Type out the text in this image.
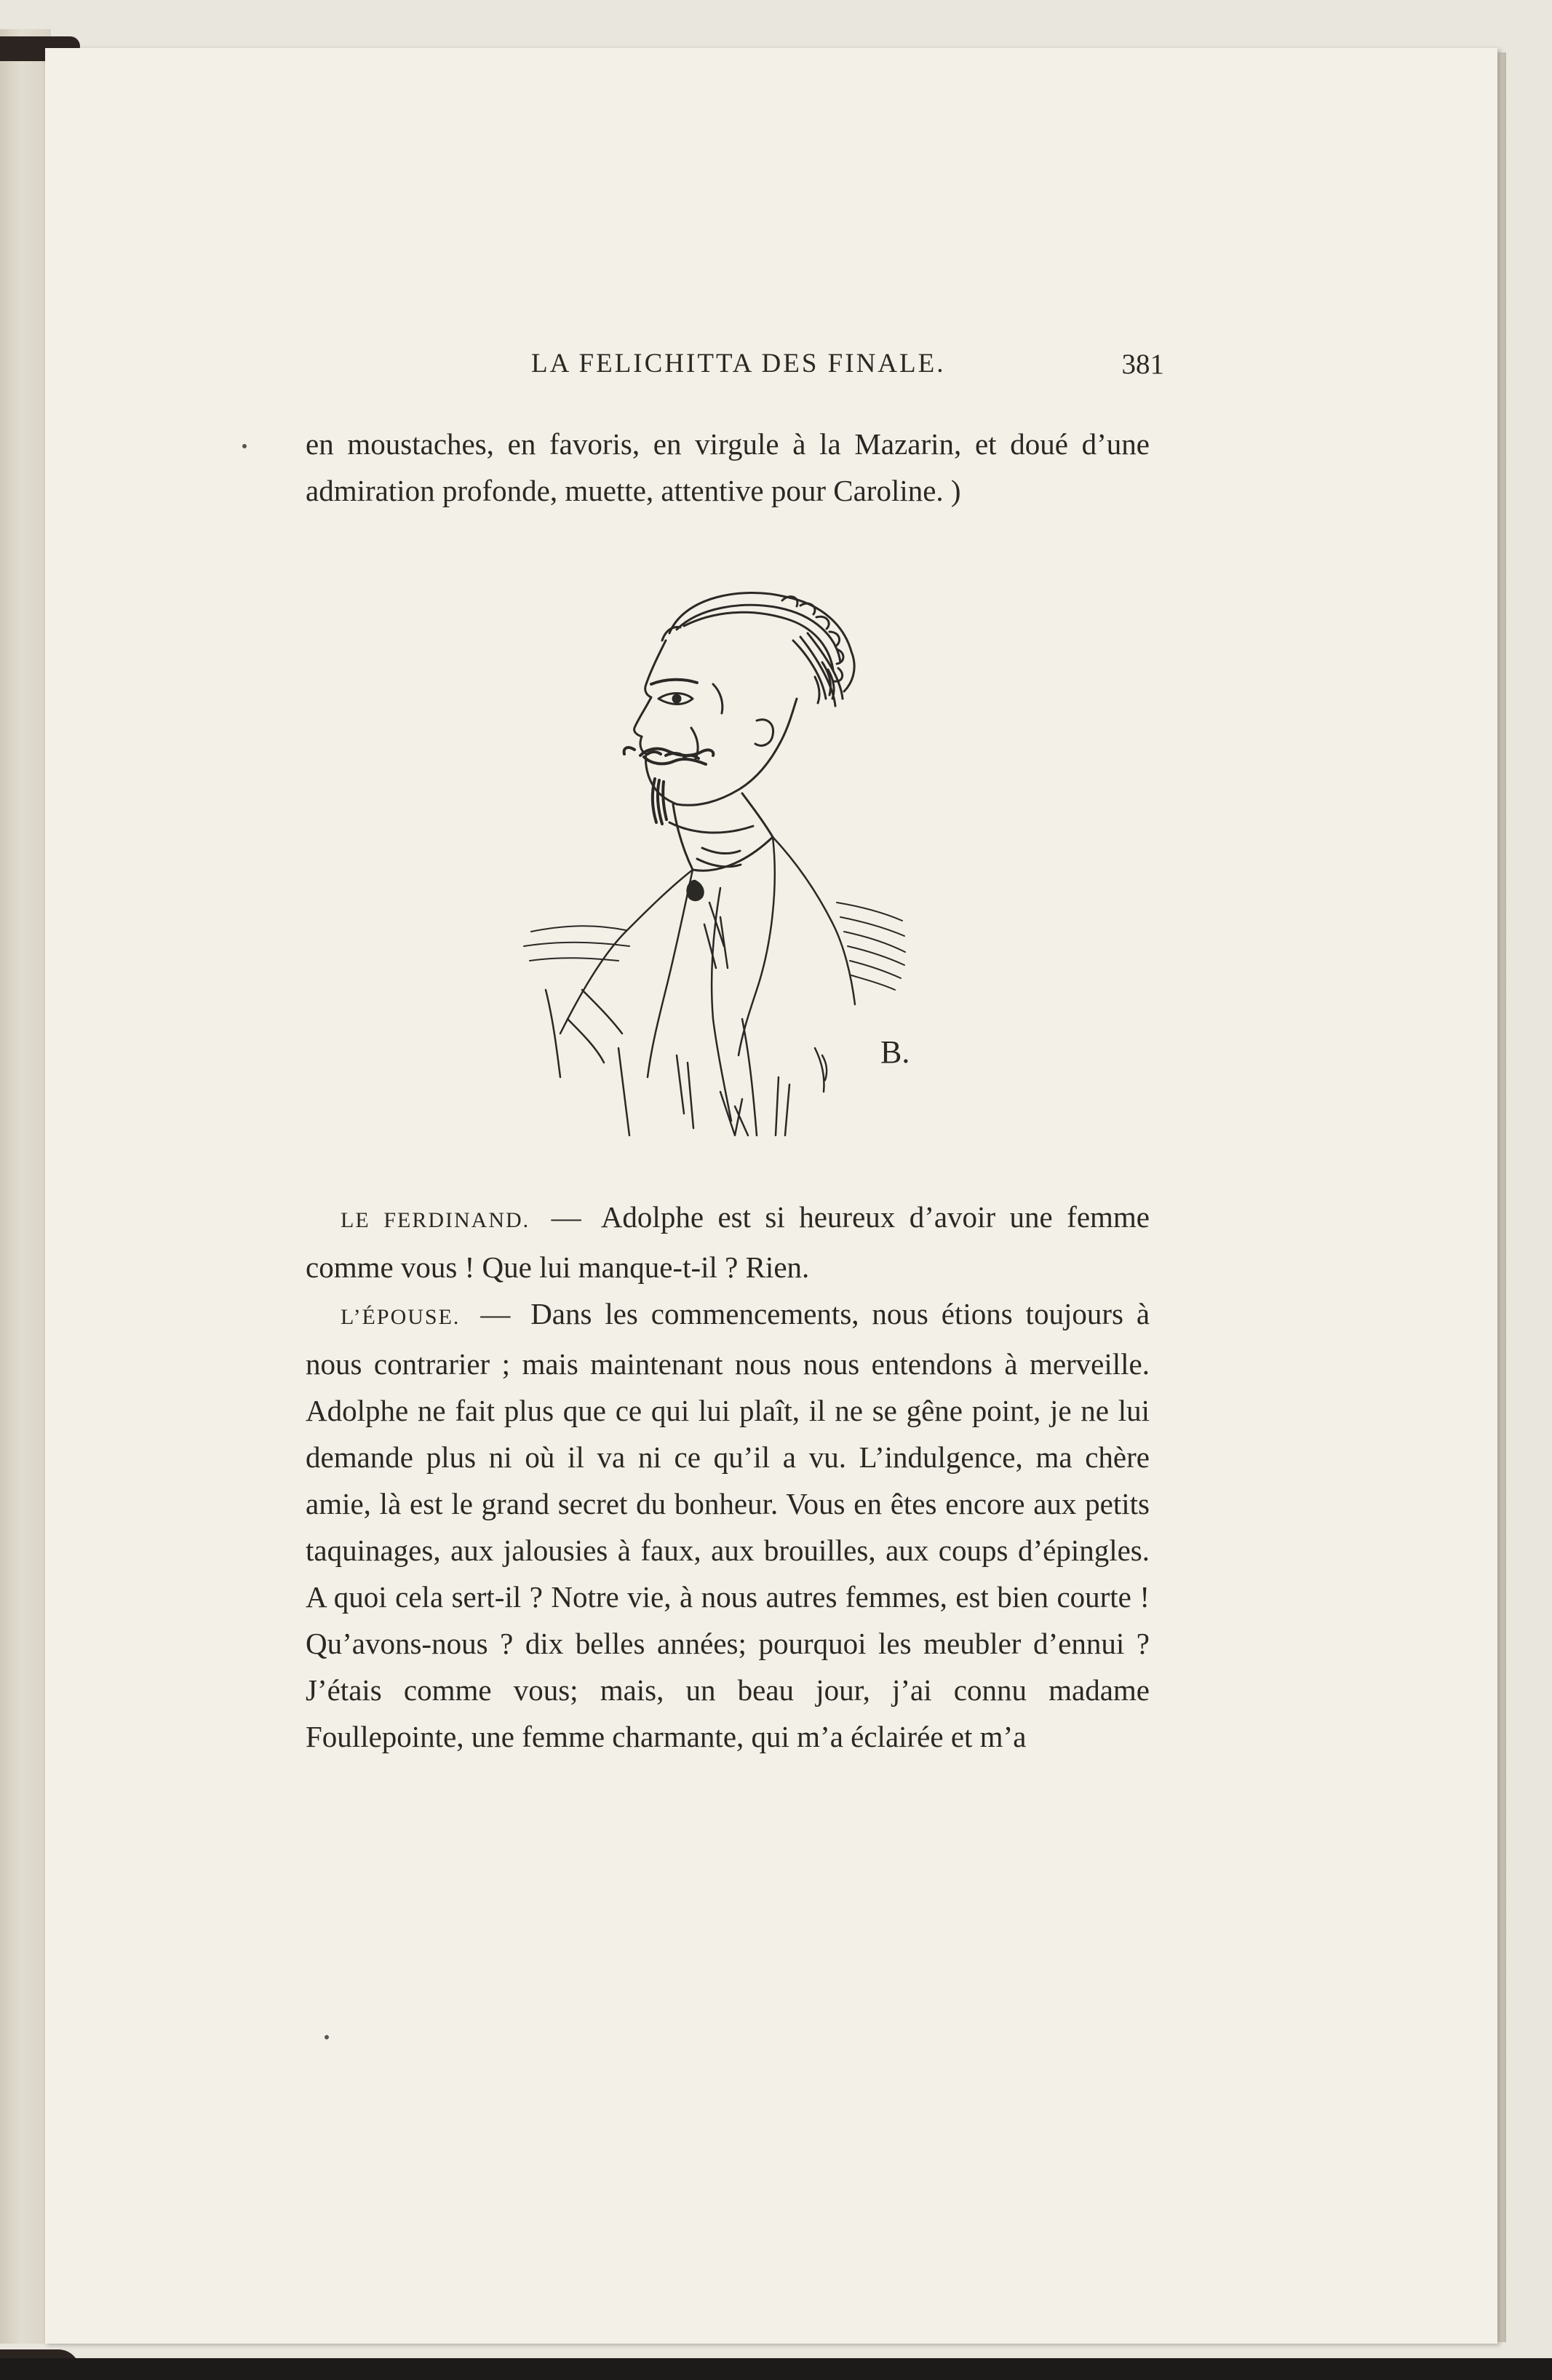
LA FELICHITTA DES FINALE.	381

en moustaches, en favoris, en virgule à la Mazarin, et doué d’une admiration profonde, muette, attentive pour Caroline. )

B.

LE FERDINAND. — Adolphe est si heureux d’avoir une femme comme vous ! Que lui manque-t-il ? Rien.

L’ÉPOUSE. — Dans les commencements, nous étions toujours à nous contrarier ; mais maintenant nous nous entendons à merveille. Adolphe ne fait plus que ce qui lui plaît, il ne se gêne point, je ne lui demande plus ni où il va ni ce qu’il a vu. L’indulgence, ma chère amie, là est le grand secret du bonheur. Vous en êtes encore aux petits taquinages, aux jalousies à faux, aux brouilles, aux coups d’épingles. A quoi cela sert-il ? Notre vie, à nous autres femmes, est bien courte ! Qu’avons-nous ? dix belles années; pourquoi les meubler d’ennui ? J’étais comme vous; mais, un beau jour, j’ai connu madame Foullepointe, une femme charmante, qui m’a éclairée et m’a
